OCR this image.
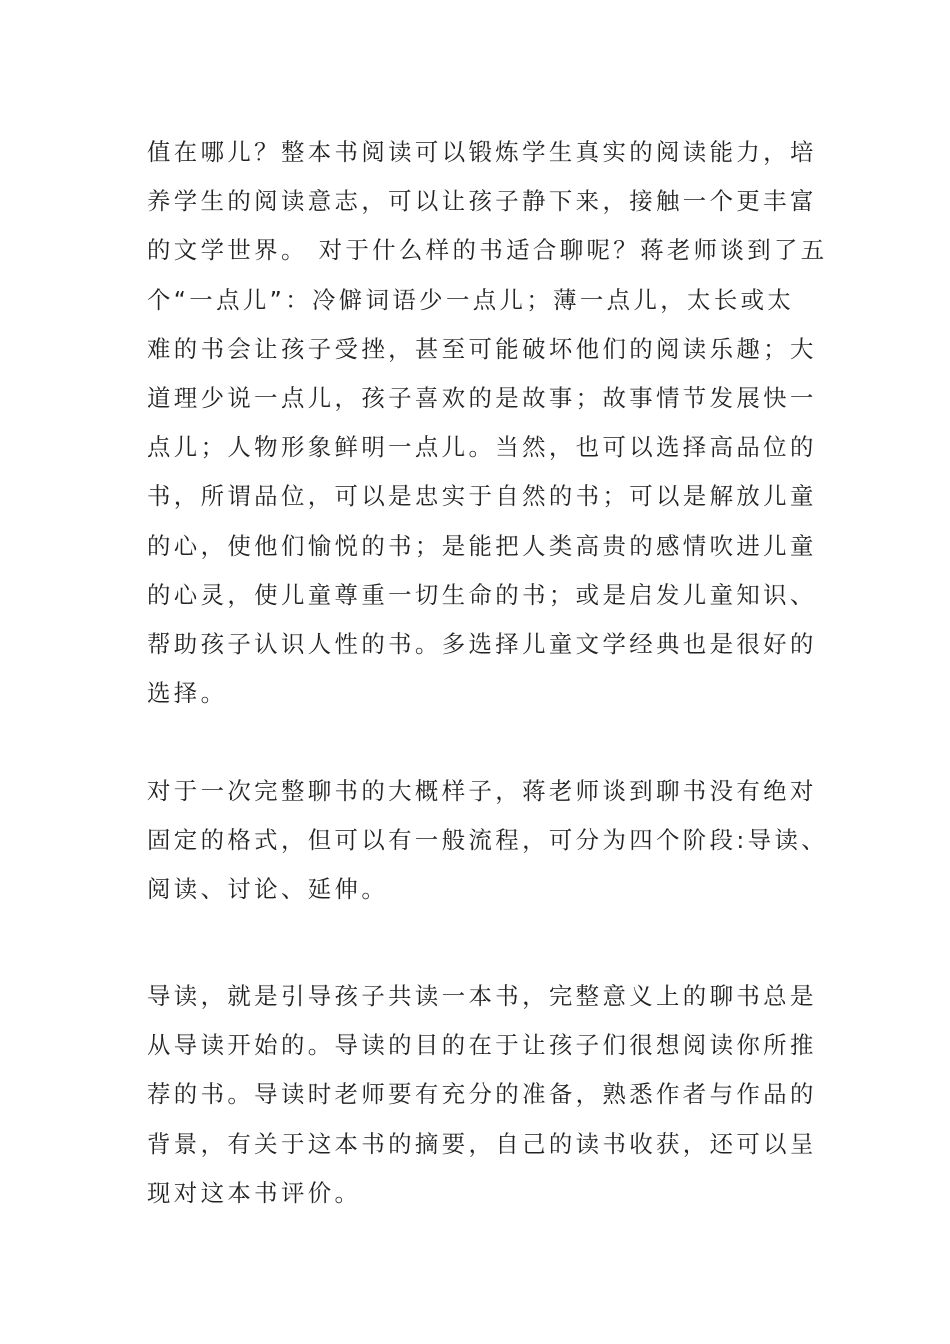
值在哪儿？整本书阅读可以锻炼学生真实的阅读能力，培
养学生的阅读意志，可以让孩子静下来，接触一个更丰富
的文学世界。 对于什么样的书适合聊呢？蒋老师谈到了五
个“一点儿”：冷僻词语少一点儿；薄一点儿，太长或太
难的书会让孩子受挫，甚至可能破坏他们的阅读乐趣；大
道理少说一点儿，孩子喜欢的是故事；故事情节发展快一
点儿；人物形象鲜明一点儿。当然，也可以选择高品位的
书，所谓品位，可以是忠实于自然的书；可以是解放儿童
的心，使他们愉悦的书；是能把人类高贵的感情吹进儿童
的心灵，使儿童尊重一切生命的书；或是启发儿童知识、
帮助孩子认识人性的书。多选择儿童文学经典也是很好的
选择。
对于一次完整聊书的大概样子，蒋老师谈到聊书没有绝对
固定的格式，但可以有一般流程，可分为四个阶段:导读、
阅读、讨论、延伸。
导读，就是引导孩子共读一本书，完整意义上的聊书总是
从导读开始的。导读的目的在于让孩子们很想阅读你所推
荐的书。导读时老师要有充分的准备，熟悉作者与作品的
背景，有关于这本书的摘要，自己的读书收获，还可以呈
现对这本书评价。
